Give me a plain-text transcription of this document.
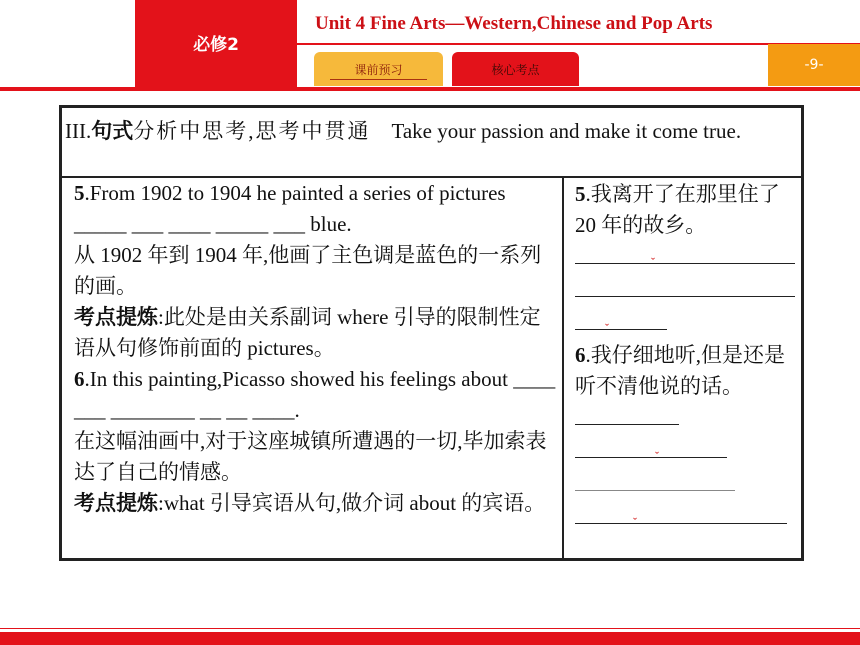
必修2
Unit 4 Fine Arts—Western,Chinese and Pop Arts
课前预习	核心考点	-9-
III.句式分析中思考,思考中贯通 Take your passion and make it come true.
5.From 1902 to 1904 he painted a series of pictures _____ ___ ____ _____ ___ blue.
从 1902 年到 1904 年,他画了主色调是蓝色的一系列的画。
考点提炼:此处是由关系副词 where 引导的限制性定语从句修饰前面的 pictures。
6.In this painting,Picasso showed his feelings about ____ ___ ________ __ __ ____.
在这幅油画中,对于这座城镇所遭遇的一切,毕加索表达了自己的情感。
考点提炼:what 引导宾语从句,做介词 about 的宾语。
5.我离开了在那里住了 20 年的故乡。
ˇ
ˇ
6.我仔细地听,但是还是听不清他说的话。
ˇ
ˇ
